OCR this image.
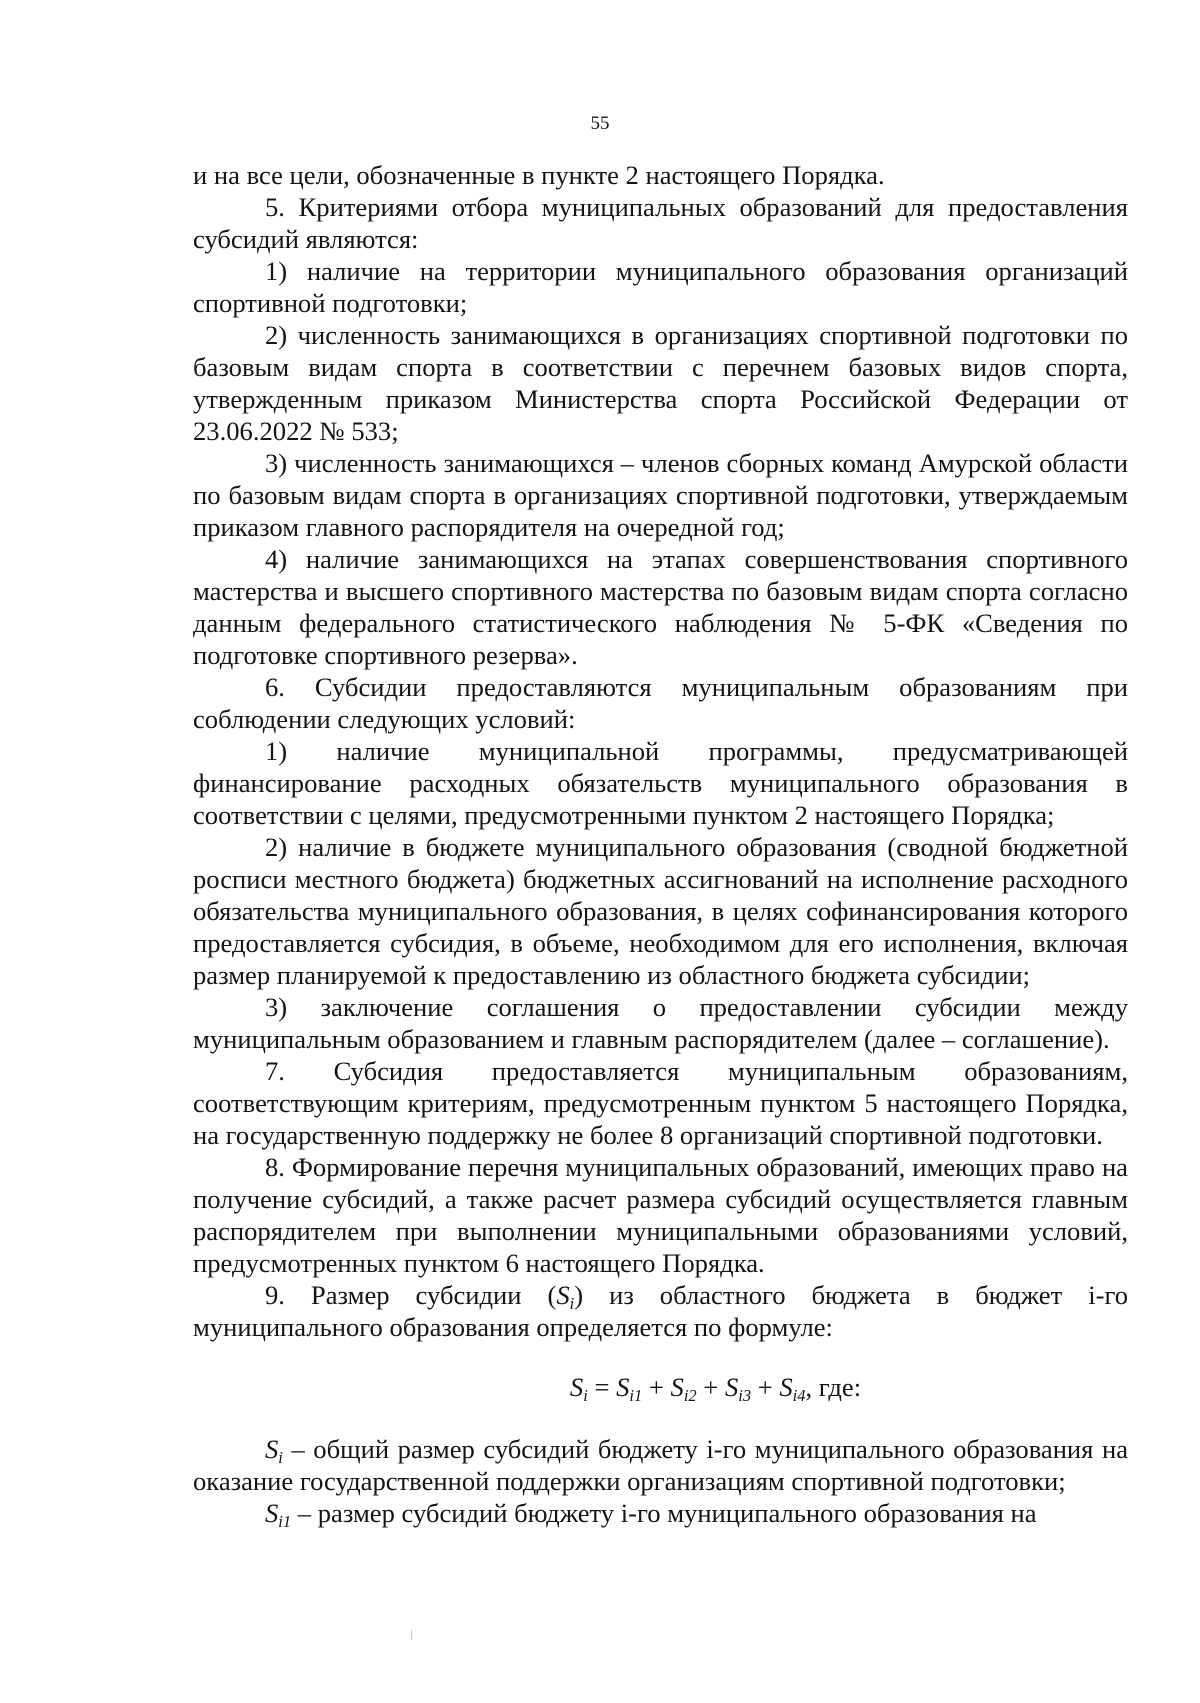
55

и на все цели, обозначенные в пункте 2 настоящего Порядка.

5. Критериями отбора муниципальных образований для предоставления субсидий являются:

1) наличие на территории муниципального образования организаций спортивной подготовки;

2) численность занимающихся в организациях спортивной подготовки по базовым видам спорта в соответствии с перечнем базовых видов спорта, утвержденным приказом Министерства спорта Российской Федерации от 23.06.2022 № 533;

3) численность занимающихся – членов сборных команд Амурской области по базовым видам спорта в организациях спортивной подготовки, утверждаемым приказом главного распорядителя на очередной год;

4) наличие занимающихся на этапах совершенствования спортивного мастерства и высшего спортивного мастерства по базовым видам спорта согласно данным федерального статистического наблюдения № 5-ФК «Сведения по подготовке спортивного резерва».

6. Субсидии предоставляются муниципальным образованиям при соблюдении следующих условий:

1) наличие муниципальной программы, предусматривающей финансирование расходных обязательств муниципального образования в соответствии с целями, предусмотренными пунктом 2 настоящего Порядка;

2) наличие в бюджете муниципального образования (сводной бюджетной росписи местного бюджета) бюджетных ассигнований на исполнение расходного обязательства муниципального образования, в целях софинансирования которого предоставляется субсидия, в объеме, необходимом для его исполнения, включая размер планируемой к предоставлению из областного бюджета субсидии;

3) заключение соглашения о предоставлении субсидии между муниципальным образованием и главным распорядителем (далее – соглашение).

7. Субсидия предоставляется муниципальным образованиям, соответствующим критериям, предусмотренным пунктом 5 настоящего Порядка, на государственную поддержку не более 8 организаций спортивной подготовки.

8. Формирование перечня муниципальных образований, имеющих право на получение субсидий, а также расчет размера субсидий осуществляется главным распорядителем при выполнении муниципальными образованиями условий, предусмотренных пунктом 6 настоящего Порядка.

9. Размер субсидии $(S_i)$ из областного бюджета в бюджет i-го муниципального образования определяется по формуле:

$S_i = S_{i1} + S_{i2} + S_{i3} + S_{i4}$, где:

$S_i$ – общий размер субсидий бюджету i-го муниципального образования на оказание государственной поддержки организациям спортивной подготовки;

$S_{i1}$ – размер субсидий бюджету i-го муниципального образования на
